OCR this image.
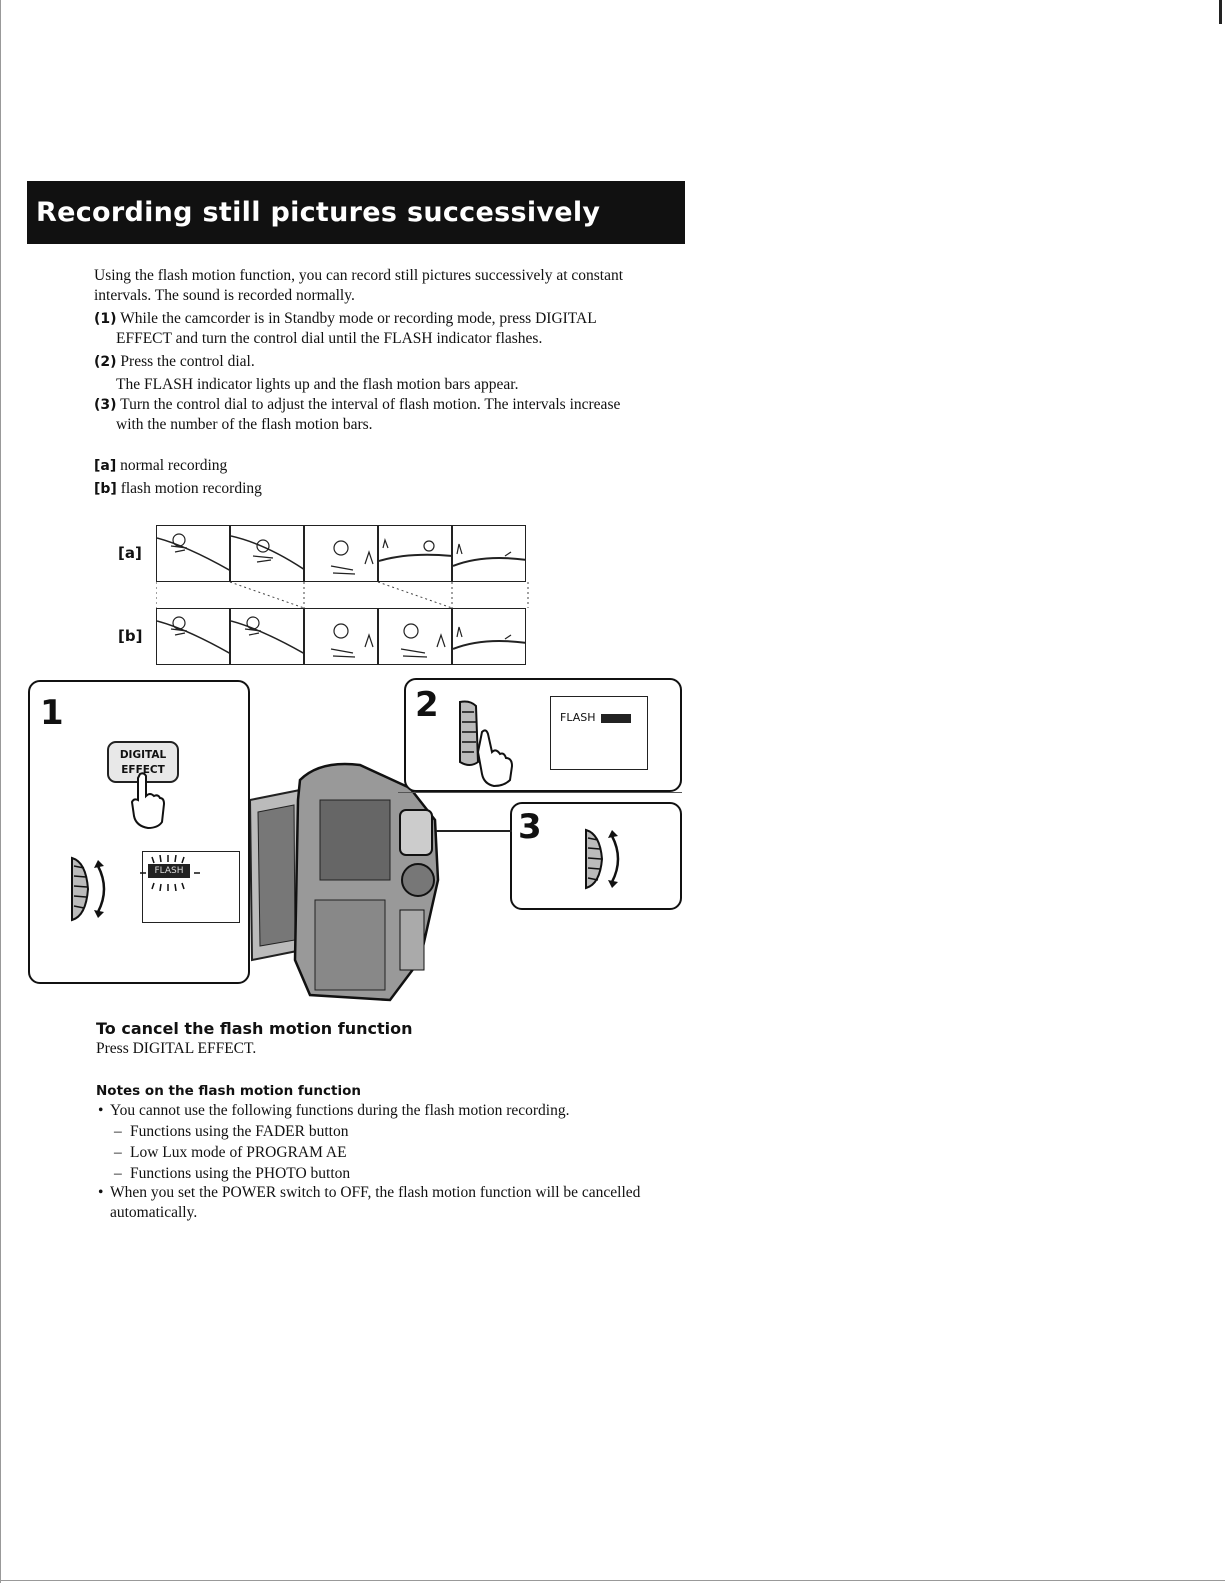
Recording still pictures successively
Using the flash motion function, you can record still pictures successively at constant intervals. The sound is recorded normally.
(1) While the camcorder is in Standby mode or recording mode, press DIGITAL
EFFECT and turn the control dial until the FLASH indicator flashes.
(2) Press the control dial.
The FLASH indicator lights up and the flash motion bars appear.
(3) Turn the control dial to adjust the interval of flash motion. The intervals increase
with the number of the flash motion bars.
[a] normal recording
[b] flash motion recording
[a]
[b]
1
DIGITAL
EFFECT
FLASH
2	FLASH
3
To cancel the flash motion function
Press DIGITAL EFFECT.
Notes on the flash motion function
• You cannot use the following functions during the flash motion recording.
– Functions using the FADER button
– Low Lux mode of PROGRAM AE
– Functions using the PHOTO button
• When you set the POWER switch to OFF, the flash motion function will be cancelled
automatically.
